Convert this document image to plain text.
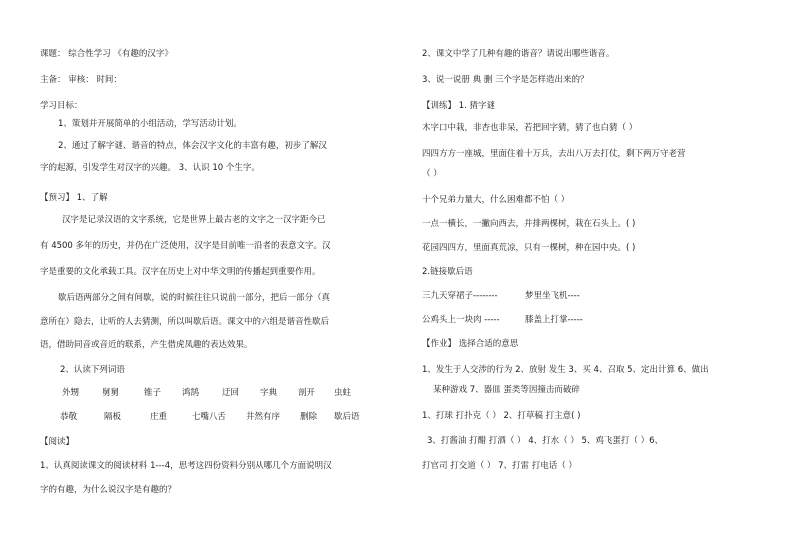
课题： 综合性学习 《有趣的汉字》
主备： 审核： 时间：
学习目标：
1、策划并开展简单的小组活动，学写活动计划。
2、通过了解字谜、谐音的特点，体会汉字文化的丰富有趣，初步了解汉
字的起源，引发学生对汉字的兴趣。 3、认识 10 个生字。
【预习】 1、了解
汉字是记录汉语的文字系统，它是世界上最古老的文字之一汉字距今已
有 4500 多年的历史，并仍在广泛使用，汉字是目前唯一沿者的表意文字。汉
字是重要的文化承载工具。汉字在历史上对中华文明的传播起到重要作用。
歇后语两部分之间有间歇，说的时候往往只说前一部分，把后一部分（真
意所在）隐去，让听的人去猜测，所以叫歇后语。课文中的六组是谐音性歇后
语，借助同音或音近的联系，产生借虎凤趣的表达效果。
2、认读下列词语
外甥	舅舅	锥子 鸿鹄	迂回 字典 剖开 虫蛀
恭敬	隔板	庄重	七嘴八舌 井然有序 删除 歇后语
【阅读】
1、认真阅读课文的阅读材料 1---4，思考这四份资料分别从哪几个方面说明汉
字的有趣，为什么说汉字是有趣的？
2、课文中学了几种有趣的谐音？请说出哪些谐音。
3、说一说册 典 删 三个字是怎样造出来的？
【训练】 1. 猜字谜
木字口中栽，非杏也非呆，若把回字猜，猜了也白猜（ ）
四四方方一座城，里面住着十万兵，去出八万去打仗，剩下两万守老营
（ ）
十个兄弟力量大，什么困难都不怕（ ）
一点一横长，一撇向西去，并排两棵树，栽在石头上。( )
花园四四方，里面真荒凉，只有一棵树，种在园中央。( )
2.链接歇后语
三九天穿裙子--------	梦里坐飞机----
公鸡头上一块肉 -----	膝盖上打掌-----
【作业】 选择合适的意思
1、发生于人交涉的行为 2、放射 发生 3、买 4、召取 5、定出计算 6、做出
某种游戏 7、器皿 蛋类等因撞击而破碎
1、打球 打扑克（ ） 2、打草稿 打主意( )
3、打酱油 打醋 打酒（ ） 4、打水（ ） 5、鸡飞蛋打（ ）6、
打官司 打交道（ ） 7、打雷 打电话（ ）
